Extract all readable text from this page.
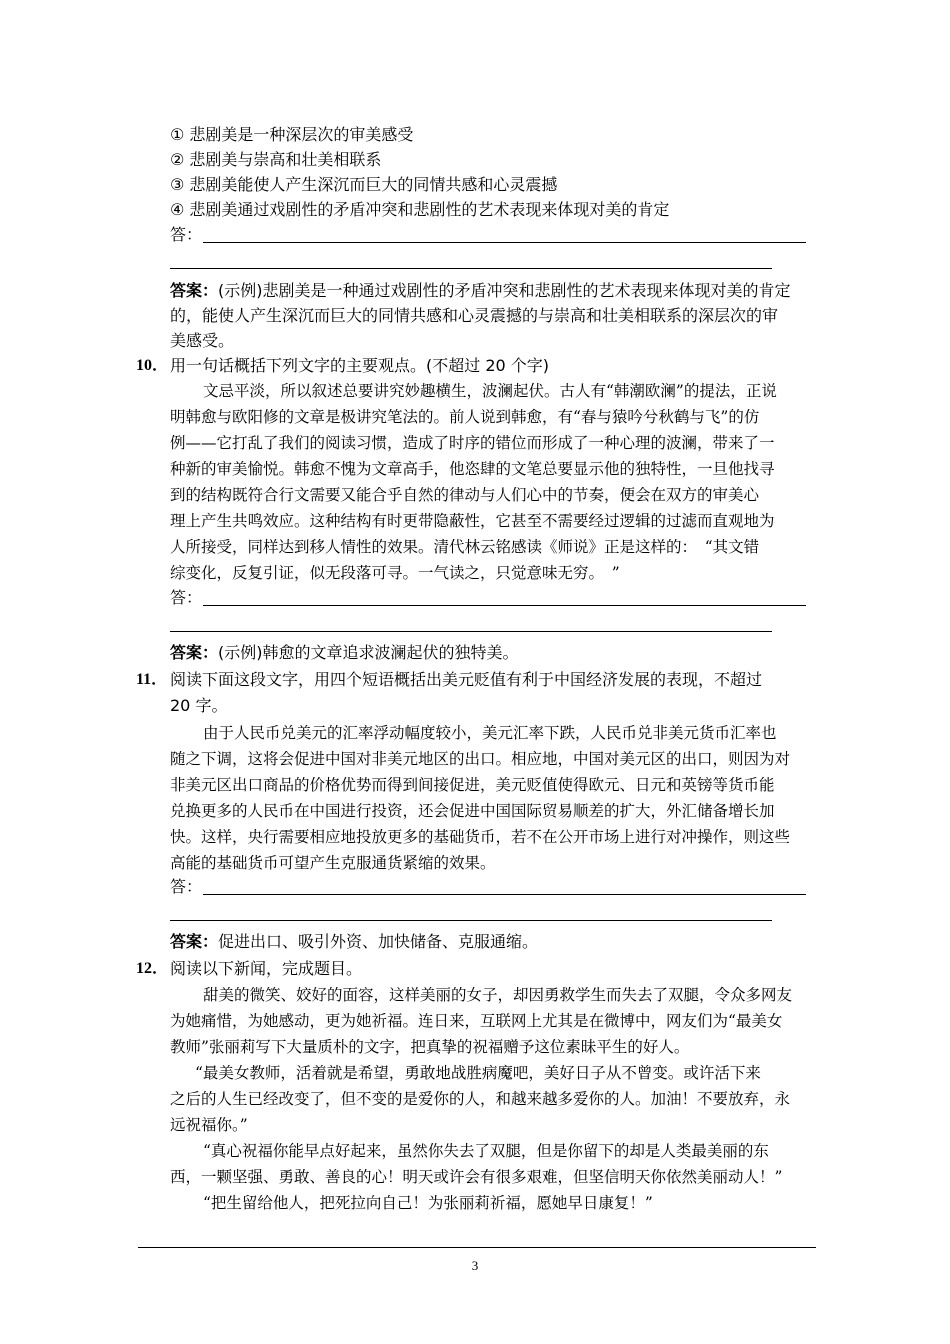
① 悲剧美是一种深层次的审美感受
② 悲剧美与崇高和壮美相联系
③ 悲剧美能使人产生深沉而巨大的同情共感和心灵震撼
④ 悲剧美通过戏剧性的矛盾冲突和悲剧性的艺术表现来体现对美的肯定
答：
答案：(示例)悲剧美是一种通过戏剧性的矛盾冲突和悲剧性的艺术表现来体现对美的肯定
的，能使人产生深沉而巨大的同情共感和心灵震撼的与崇高和壮美相联系的深层次的审
美感受。
10． 用一句话概括下列文字的主要观点。(不超过 20 个字)
文忌平淡，所以叙述总要讲究妙趣横生，波澜起伏。古人有“韩潮欧澜”的提法，正说
明韩愈与欧阳修的文章是极讲究笔法的。前人说到韩愈，有“春与猿吟兮秋鹤与飞”的仿
例——它打乱了我们的阅读习惯，造成了时序的错位而形成了一种心理的波澜，带来了一
种新的审美愉悦。韩愈不愧为文章高手，他恣肆的文笔总要显示他的独特性，一旦他找寻
到的结构既符合行文需要又能合乎自然的律动与人们心中的节奏，便会在双方的审美心
理上产生共鸣效应。这种结构有时更带隐蔽性，它甚至不需要经过逻辑的过滤而直观地为
人所接受，同样达到移人情性的效果。清代林云铭感读《师说》正是这样的：　“其文错
综变化，反复引证，似无段落可寻。一气读之，只觉意味无穷。　”
答：
答案：(示例)韩愈的文章追求波澜起伏的独特美。
11． 阅读下面这段文字，用四个短语概括出美元贬值有利于中国经济发展的表现，不超过
20 字。
由于人民币兑美元的汇率浮动幅度较小，美元汇率下跌，人民币兑非美元货币汇率也
随之下调，这将会促进中国对非美元地区的出口。相应地，中国对美元区的出口，则因为对
非美元区出口商品的价格优势而得到间接促进，美元贬值使得欧元、日元和英镑等货币能
兑换更多的人民币在中国进行投资，还会促进中国国际贸易顺差的扩大，外汇储备增长加
快。这样，央行需要相应地投放更多的基础货币，若不在公开市场上进行对冲操作，则这些
高能的基础货币可望产生克服通货紧缩的效果。
答：
答案：促进出口、吸引外资、加快储备、克服通缩。
12． 阅读以下新闻，完成题目。
甜美的微笑、姣好的面容，这样美丽的女子，却因勇救学生而失去了双腿，令众多网友
为她痛惜，为她感动，更为她祈福。连日来，互联网上尤其是在微博中，网友们为“最美女
教师”张丽莉写下大量质朴的文字，把真挚的祝福赠予这位素昧平生的好人。
“最美女教师，活着就是希望，勇敢地战胜病魔吧，美好日子从不曾变。或许活下来
之后的人生已经改变了，但不变的是爱你的人，和越来越多爱你的人。加油！不要放弃，永
远祝福你。”
“真心祝福你能早点好起来，虽然你失去了双腿，但是你留下的却是人类最美丽的东
西，一颗坚强、勇敢、善良的心！明天或许会有很多艰难，但坚信明天你依然美丽动人！”
“把生留给他人，把死拉向自己！为张丽莉祈福，愿她早日康复！”
3
